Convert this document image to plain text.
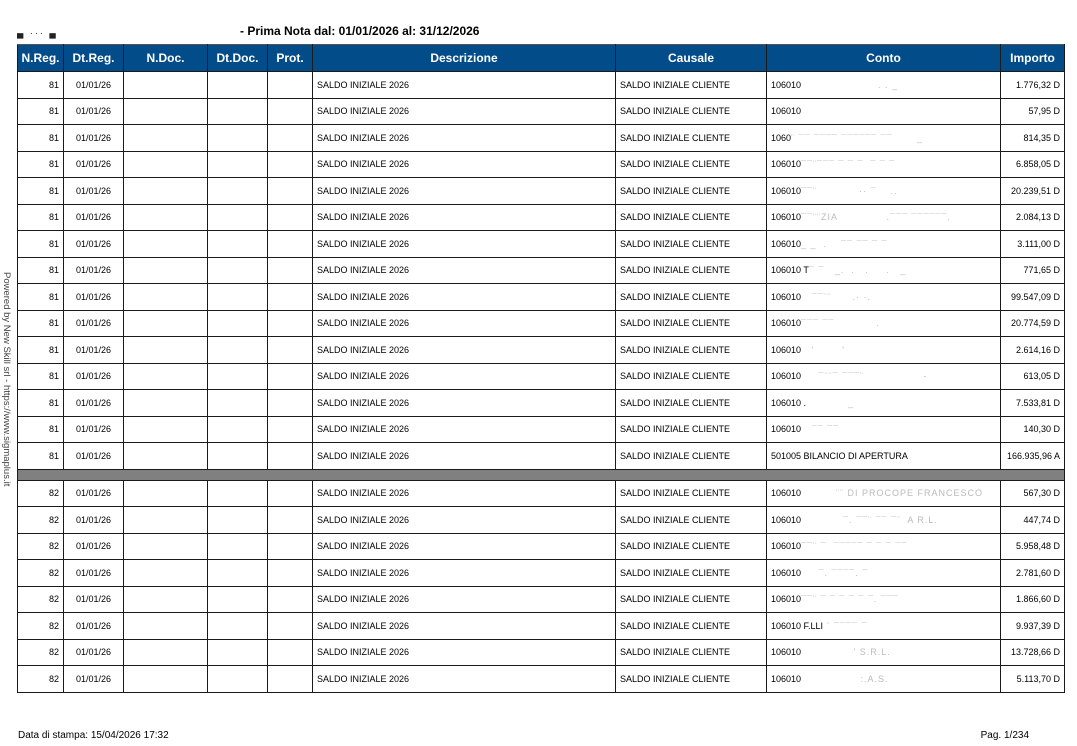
▄ ··· ▄	- Prima Nota dal: 01/01/2026 al: 31/12/2026
Powered by New Skill srl - https://www.sigmaplus.it
N.Reg.	Dt.Reg.	N.Doc.	Dt.Doc.	Prot.	Descrizione	Causale	Conto	Importo
81	01/01/26				SALDO INIZIALE 2026	SALDO INIZIALE CLIENTE	106010                      . . _	1.776,32 D
81	01/01/26				SALDO INIZIALE 2026	SALDO INIZIALE CLIENTE	106010	57,95 D
81	01/01/26				SALDO INIZIALE 2026	SALDO INIZIALE CLIENTE	1060¨ ¯¯ ¯¯¯¯ ¯¯¯¯¯¯ ¯¯       _	814,35 D
81	01/01/26				SALDO INIZIALE 2026	SALDO INIZIALE CLIENTE	106010¯¯¨¯¯¯ ¯ ¯ ¯  ¯ ¯ ¯	6.858,05 D
81	01/01/26				SALDO INIZIALE 2026	SALDO INIZIALE CLIENTE	106010¯¯¨            ·· ¯    ..	20.239,51 D
81	01/01/26				SALDO INIZIALE 2026	SALDO INIZIALE CLIENTE	106010¯¯¨¨ZIA              .¯¯¯ ¯¯¯¯¯¯.	2.084,13 D
81	01/01/26				SALDO INIZIALE 2026	SALDO INIZIALE CLIENTE	106010_ _  .    ¯¯ ¯¯ ¯ ¯	3.111,00 D
81	01/01/26				SALDO INIZIALE 2026	SALDO INIZIALE CLIENTE	106010 T¯ ¯   _.  .   .     .   _	771,65 D
81	01/01/26				SALDO INIZIALE 2026	SALDO INIZIALE CLIENTE	106010   ¯¯¨¨      .· ·.	99.547,09 D
81	01/01/26				SALDO INIZIALE 2026	SALDO INIZIALE CLIENTE	106010¯¯¯ ¯¯            .	20.774,59 D
81	01/01/26				SALDO INIZIALE 2026	SALDO INIZIALE CLIENTE	106010   '        '	2.614,16 D
81	01/01/26				SALDO INIZIALE 2026	SALDO INIZIALE CLIENTE	106010     ¯¨¨¯ ¯¯¯¨                 -	613,05 D
81	01/01/26				SALDO INIZIALE 2026	SALDO INIZIALE CLIENTE	106010 .            _	7.533,81 D
81	01/01/26				SALDO INIZIALE 2026	SALDO INIZIALE CLIENTE	106010   ¯¯ ¯¯	140,30 D
81	01/01/26				SALDO INIZIALE 2026	SALDO INIZIALE CLIENTE	501005 BILANCIO DI APERTURA	166.935,96 A

82	01/01/26				SALDO INIZIALE 2026	SALDO INIZIALE CLIENTE	106010          ¨¨ DI PROCOPE FRANCESCO	567,30 D
82	01/01/26				SALDO INIZIALE 2026	SALDO INIZIALE CLIENTE	106010            ¯. ¯¯¨ ¯¯ ¯¨  A R.L.	447,74 D
82	01/01/26				SALDO INIZIALE 2026	SALDO INIZIALE CLIENTE	106010¯¯¨ ¯  ¯¯¯¯¯ ¯ ¯ ¯ ¯¯	5.958,48 D
82	01/01/26				SALDO INIZIALE 2026	SALDO INIZIALE CLIENTE	106010     ¯. ¯¯¯¯. ¯	2.781,60 D
82	01/01/26				SALDO INIZIALE 2026	SALDO INIZIALE CLIENTE	106010¯¯¨ ¯ ¯ ¯ ¯ ¯ ¯. ¯¯¯	1.866,60 D
82	01/01/26				SALDO INIZIALE 2026	SALDO INIZIALE CLIENTE	106010 F.LLI ¨ ¯¯¯¯ ¯	9.937,39 D
82	01/01/26				SALDO INIZIALE 2026	SALDO INIZIALE CLIENTE	106010               ' S.R.L.	13.728,66 D
82	01/01/26				SALDO INIZIALE 2026	SALDO INIZIALE CLIENTE	106010                 :.A.S.	5.113,70 D
Data di stampa: 15/04/2026 17:32	Pag. 1/234
